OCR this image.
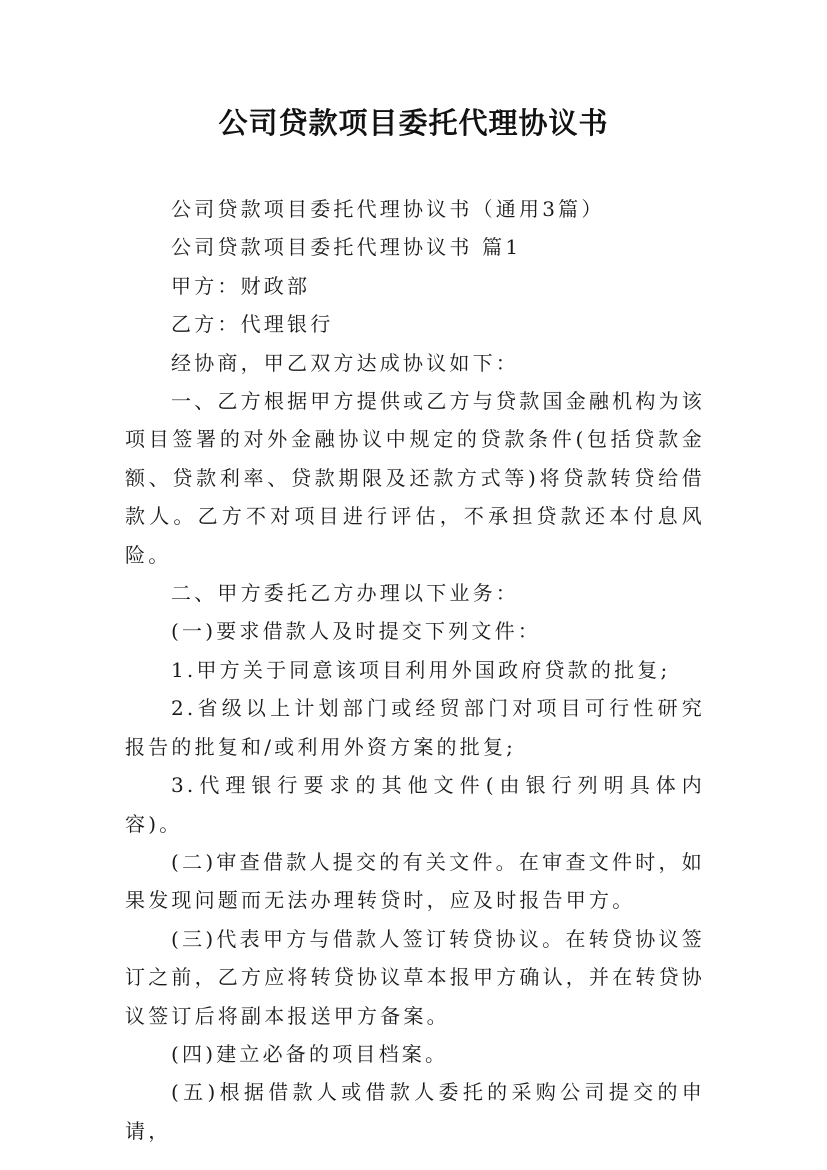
公司贷款项目委托代理协议书

公司贷款项目委托代理协议书（通用3篇）

公司贷款项目委托代理协议书 篇1

甲方：财政部

乙方：代理银行

经协商，甲乙双方达成协议如下：

一、乙方根据甲方提供或乙方与贷款国金融机构为该项目签署的对外金融协议中规定的贷款条件(包括贷款金额、贷款利率、贷款期限及还款方式等)将贷款转贷给借款人。乙方不对项目进行评估，不承担贷款还本付息风险。

二、甲方委托乙方办理以下业务：

(一)要求借款人及时提交下列文件：

1.甲方关于同意该项目利用外国政府贷款的批复;

2.省级以上计划部门或经贸部门对项目可行性研究报告的批复和/或利用外资方案的批复;

3.代理银行要求的其他文件(由银行列明具体内容)。

(二)审查借款人提交的有关文件。在审查文件时，如果发现问题而无法办理转贷时，应及时报告甲方。

(三)代表甲方与借款人签订转贷协议。在转贷协议签订之前，乙方应将转贷协议草本报甲方确认，并在转贷协议签订后将副本报送甲方备案。

(四)建立必备的项目档案。

(五)根据借款人或借款人委托的采购公司提交的申请，
